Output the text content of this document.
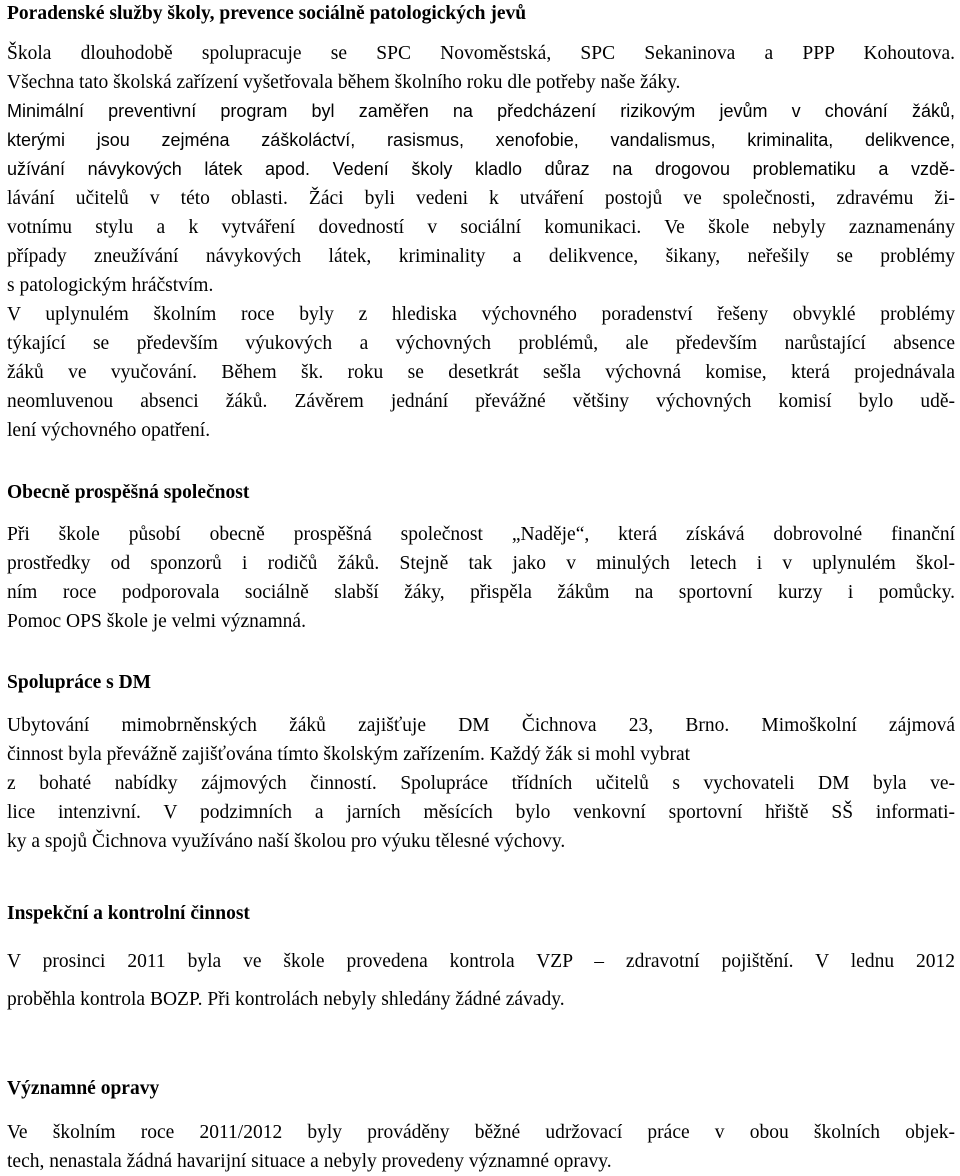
Poradenské služby školy, prevence sociálně patologických jevů

Škola dlouhodobě spolupracuje se SPC Novoměstská, SPC Sekaninova a PPP Kohoutova.

Všechna tato školská zařízení vyšetřovala během školního roku dle potřeby naše žáky.

Minimální preventivní program byl zaměřen na předcházení rizikovým jevům v chování žáků,

kterými jsou zejména záškoláctví, rasismus, xenofobie, vandalismus, kriminalita, delikvence,

užívání návykových látek apod. Vedení školy kladlo důraz na drogovou problematiku a vzdě-

lávání učitelů v této oblasti. Žáci byli vedeni k utváření postojů ve společnosti, zdravému ži-

votnímu stylu a k vytváření dovedností v sociální komunikaci. Ve škole nebyly zaznamenány

případy zneužívání návykových látek, kriminality a delikvence, šikany, neřešily se problémy

s patologickým hráčstvím.

V uplynulém školním roce byly z hlediska výchovného poradenství řešeny obvyklé problémy

týkající se především výukových a výchovných problémů, ale především narůstající absence

žáků ve vyučování. Během šk. roku se desetkrát sešla výchovná komise, která projednávala

neomluvenou absenci žáků. Závěrem jednání převážné většiny výchovných komisí bylo udě-

lení výchovného opatření.

Obecně prospěšná společnost

Při škole působí obecně prospěšná společnost „Naděje“, která získává dobrovolné finanční

prostředky od sponzorů i rodičů žáků. Stejně tak jako v minulých letech i v uplynulém škol-

ním roce podporovala sociálně slabší žáky, přispěla žákům na sportovní kurzy i pomůcky.

Pomoc OPS škole je velmi významná.

Spolupráce s DM

Ubytování mimobrněnských žáků zajišťuje DM Čichnova 23, Brno. Mimoškolní zájmová

činnost byla převážně zajišťována tímto školským zařízením. Každý žák si mohl vybrat

z bohaté nabídky zájmových činností. Spolupráce třídních učitelů s vychovateli DM byla ve-

lice intenzivní. V podzimních a jarních měsících bylo venkovní sportovní hřiště SŠ informati-

ky a spojů Čichnova využíváno naší školou pro výuku tělesné výchovy.

Inspekční a kontrolní činnost

V prosinci 2011 byla ve škole provedena kontrola VZP – zdravotní pojištění. V lednu 2012

proběhla kontrola BOZP. Při kontrolách nebyly shledány žádné závady.

Významné opravy

Ve školním roce 2011/2012 byly prováděny běžné udržovací práce v obou školních objek-

tech, nenastala žádná havarijní situace a nebyly provedeny významné opravy.
